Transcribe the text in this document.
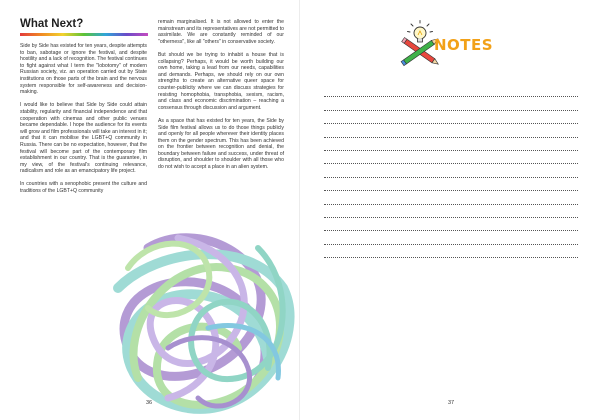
What Next?

Side by Side has existed for ten years, despite attempts to ban, sabotage or ignore the festival, and despite hostility and a lack of recognition. The festival continues to fight against what I term the "lobotomy" of modern Russian society, viz. an operation carried out by State institutions on those parts of the brain and the nervous system responsible for self-awareness and decision-making.

I would like to believe that Side by Side could attain stability, regularity and financial independence and that cooperation with cinemas and other public venues became dependable. I hope the audience for its events will grow and film professionals will take an interest in it; and that it can mobilise the LGBT+Q community in Russia. There can be no expectation, however, that the festival will become part of the contemporary film establishment in our country. That is the guarantee, in my view, of the festival's continuing relevance, radicalism and role as an emancipatory life project.

In countries with a xenophobic present the culture and traditions of the LGBT+Q community

remain marginalised. It is not allowed to enter the mainstream and its representatives are not permitted to assimilate. We are constantly reminded of our "otherness", like all "others" in conservative society.

But should we be trying to inhabit a house that is collapsing? Perhaps, it would be worth building our own home, taking a lead from our needs, capabilities and demands. Perhaps, we should rely on our own strengths to create an alternative queer space for counter-publicity where we can discuss strategies for resisting homophobia, transphobia, sexism, racism, and class and economic discrimination – reaching a consensus through discussion and argument.

As a space that has existed for ten years, the Side by Side film festival allows us to do those things publicly and openly for all people wherever their identity places them on the gender spectrum. This has been achieved on the frontier between recognition and denial, the boundary between failure and success, under threat of disruption, and shoulder to shoulder with all those who do not wish to accept a place in an alien system.

36
NOTES
37
